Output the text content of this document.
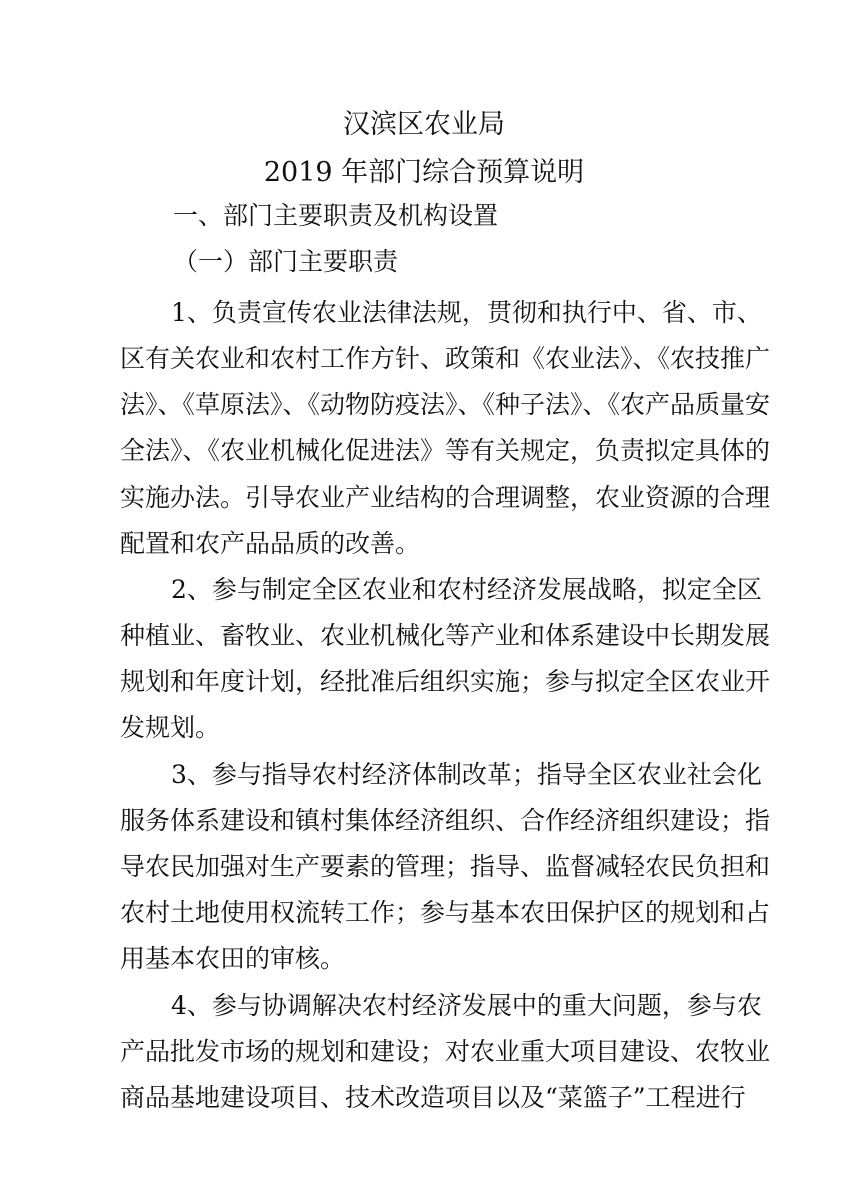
汉滨区农业局
2019 年部门综合预算说明
一、部门主要职责及机构设置
（一）部门主要职责

1、负责宣传农业法律法规，贯彻和执行中、省、市、

区有关农业和农村工作方针、政策和《农业法》、《农技推广

法》、《草原法》、《动物防疫法》、《种子法》、《农产品质量安

全法》、《农业机械化促进法》等有关规定，负责拟定具体的

实施办法。引导农业产业结构的合理调整，农业资源的合理

配置和农产品品质的改善。

2、参与制定全区农业和农村经济发展战略，拟定全区

种植业、畜牧业、农业机械化等产业和体系建设中长期发展

规划和年度计划，经批准后组织实施；参与拟定全区农业开

发规划。

3、参与指导农村经济体制改革；指导全区农业社会化

服务体系建设和镇村集体经济组织、合作经济组织建设；指

导农民加强对生产要素的管理；指导、监督减轻农民负担和

农村土地使用权流转工作；参与基本农田保护区的规划和占

用基本农田的审核。

4、参与协调解决农村经济发展中的重大问题，参与农

产品批发市场的规划和建设；对农业重大项目建设、农牧业

商品基地建设项目、技术改造项目以及“菜篮子”工程进行
